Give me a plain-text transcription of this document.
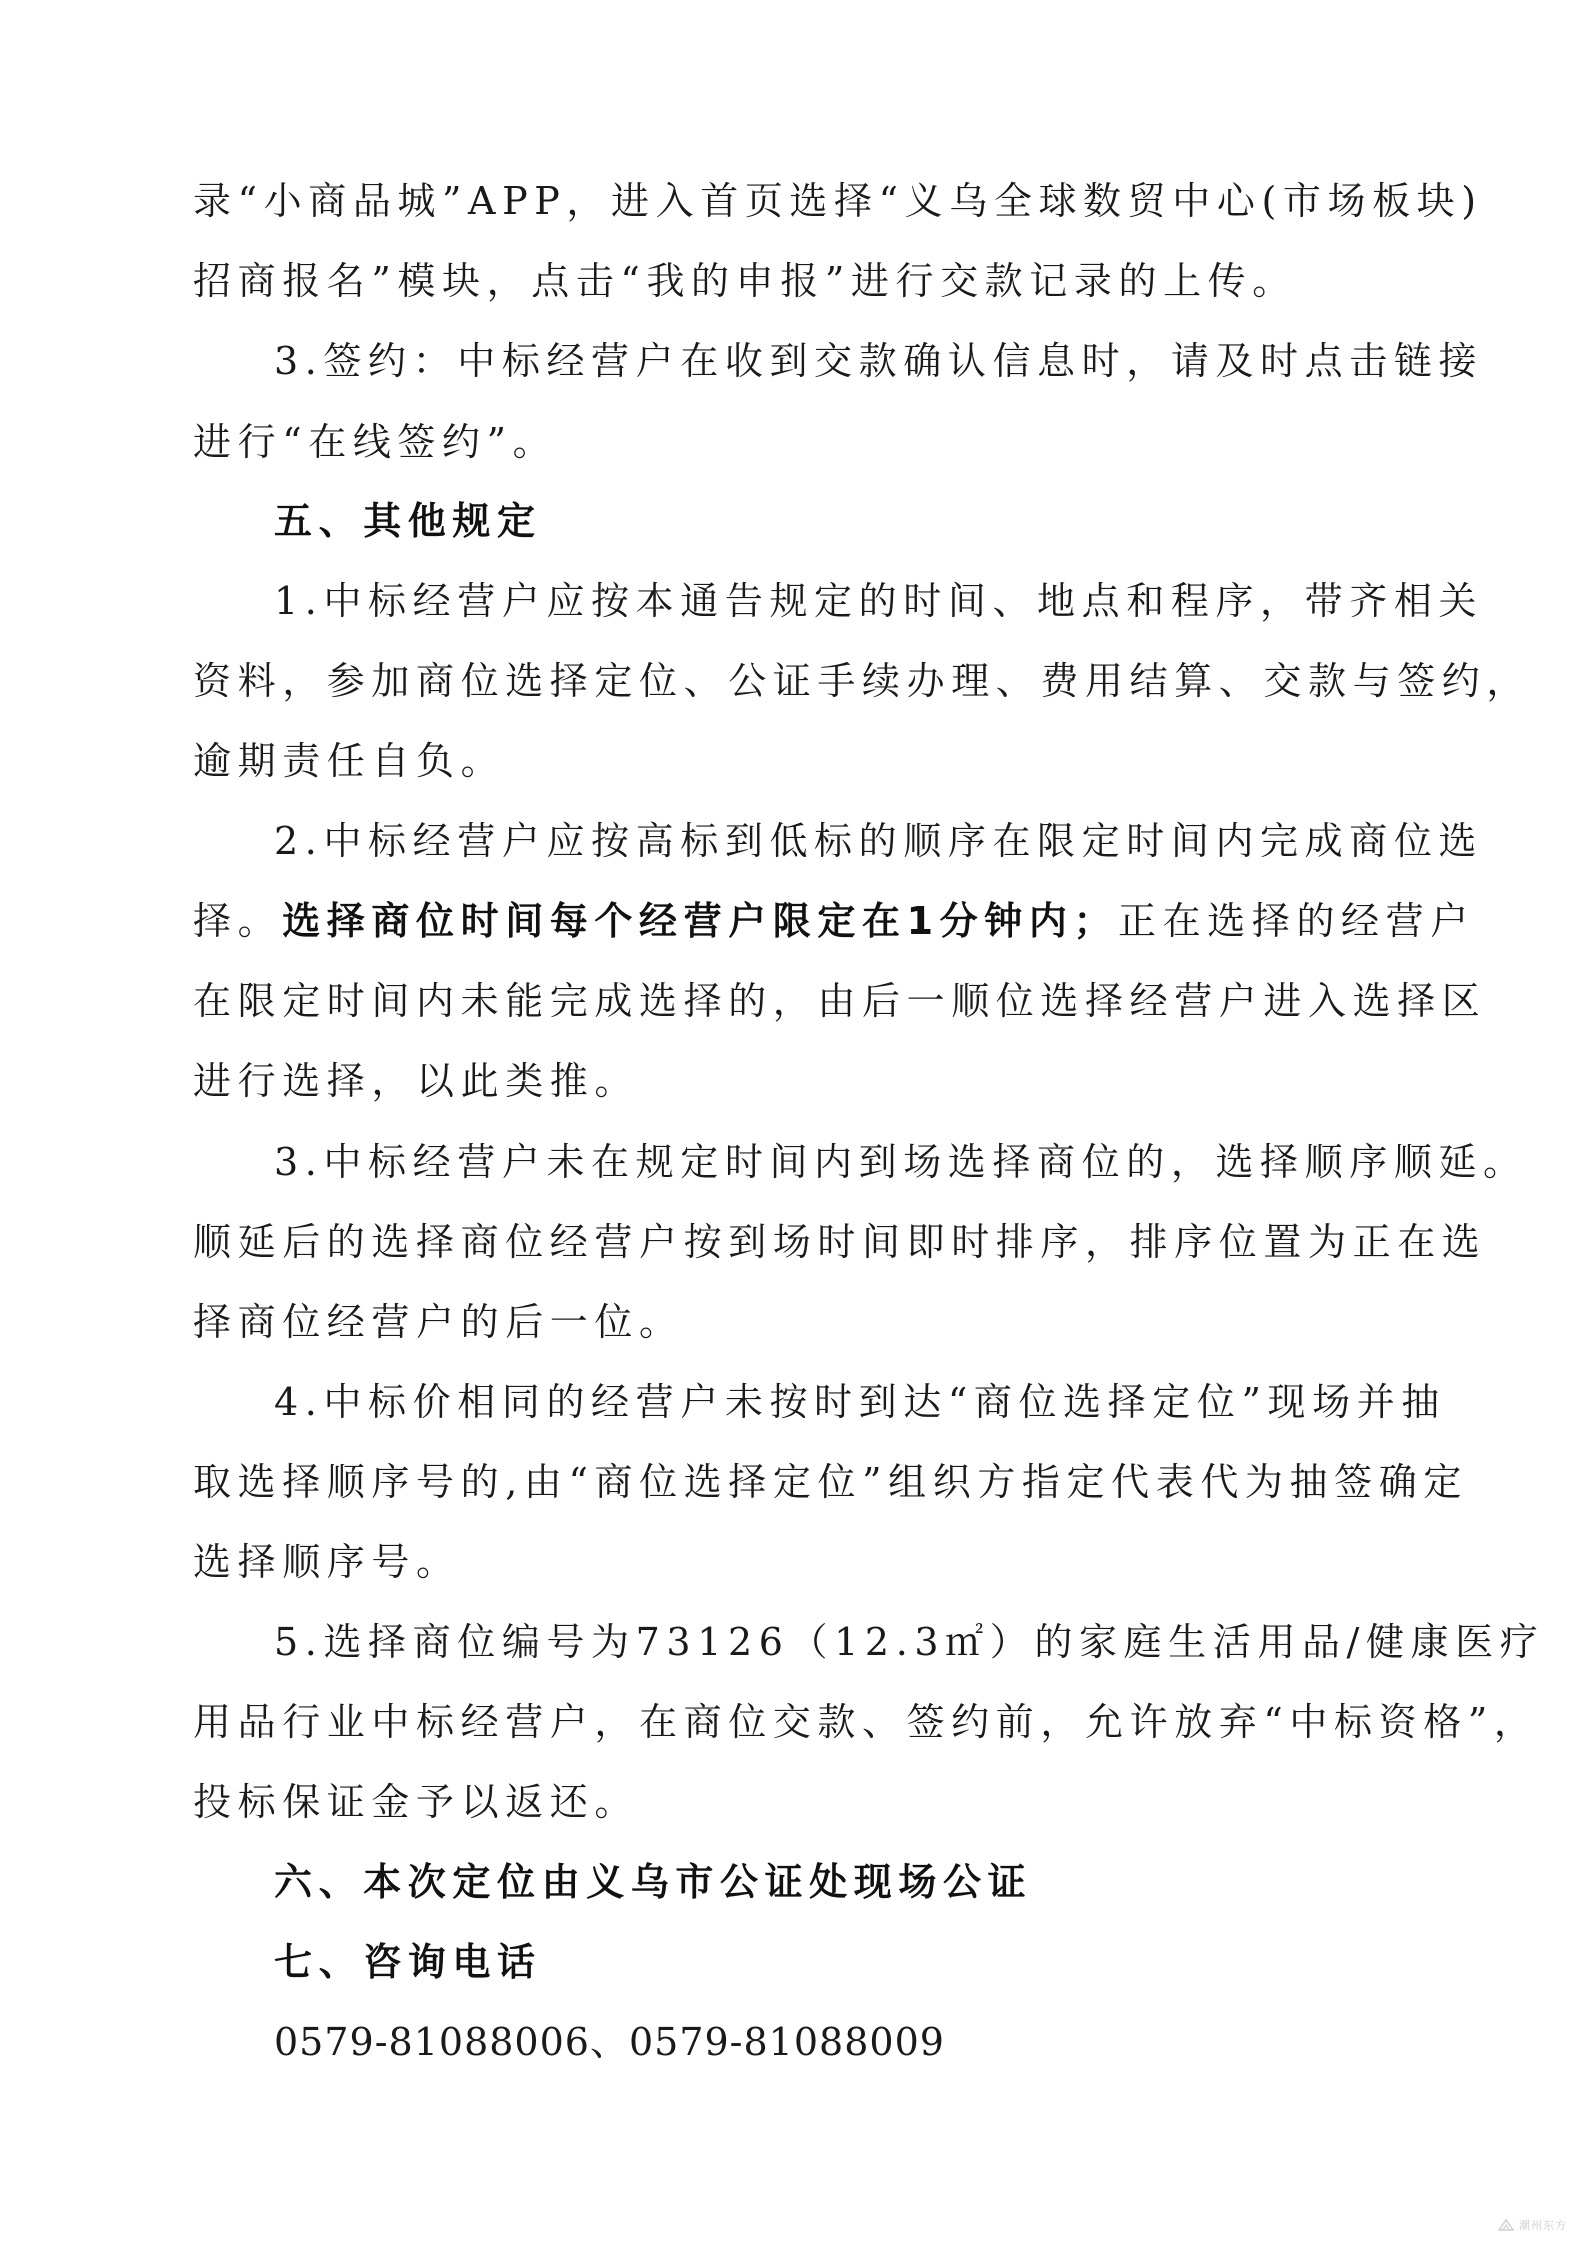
录“小商品城”APP，进入首页选择“义乌全球数贸中心(市场板块)
招商报名”模块，点击“我的申报”进行交款记录的上传。
3.签约：中标经营户在收到交款确认信息时，请及时点击链接
进行“在线签约”。
五、其他规定
1.中标经营户应按本通告规定的时间、地点和程序，带齐相关
资料，参加商位选择定位、公证手续办理、费用结算、交款与签约，
逾期责任自负。
2.中标经营户应按高标到低标的顺序在限定时间内完成商位选
择。选择商位时间每个经营户限定在1分钟内；正在选择的经营户
在限定时间内未能完成选择的，由后一顺位选择经营户进入选择区
进行选择，以此类推。
3.中标经营户未在规定时间内到场选择商位的，选择顺序顺延。
顺延后的选择商位经营户按到场时间即时排序，排序位置为正在选
择商位经营户的后一位。
4.中标价相同的经营户未按时到达“商位选择定位”现场并抽
取选择顺序号的,由“商位选择定位”组织方指定代表代为抽签确定
选择顺序号。
5.选择商位编号为73126（12.3㎡）的家庭生活用品/健康医疗
用品行业中标经营户，在商位交款、签约前，允许放弃“中标资格”，
投标保证金予以返还。
六、本次定位由义乌市公证处现场公证
七、咨询电话
0579-81088006、0579-81088009
潮州东方
